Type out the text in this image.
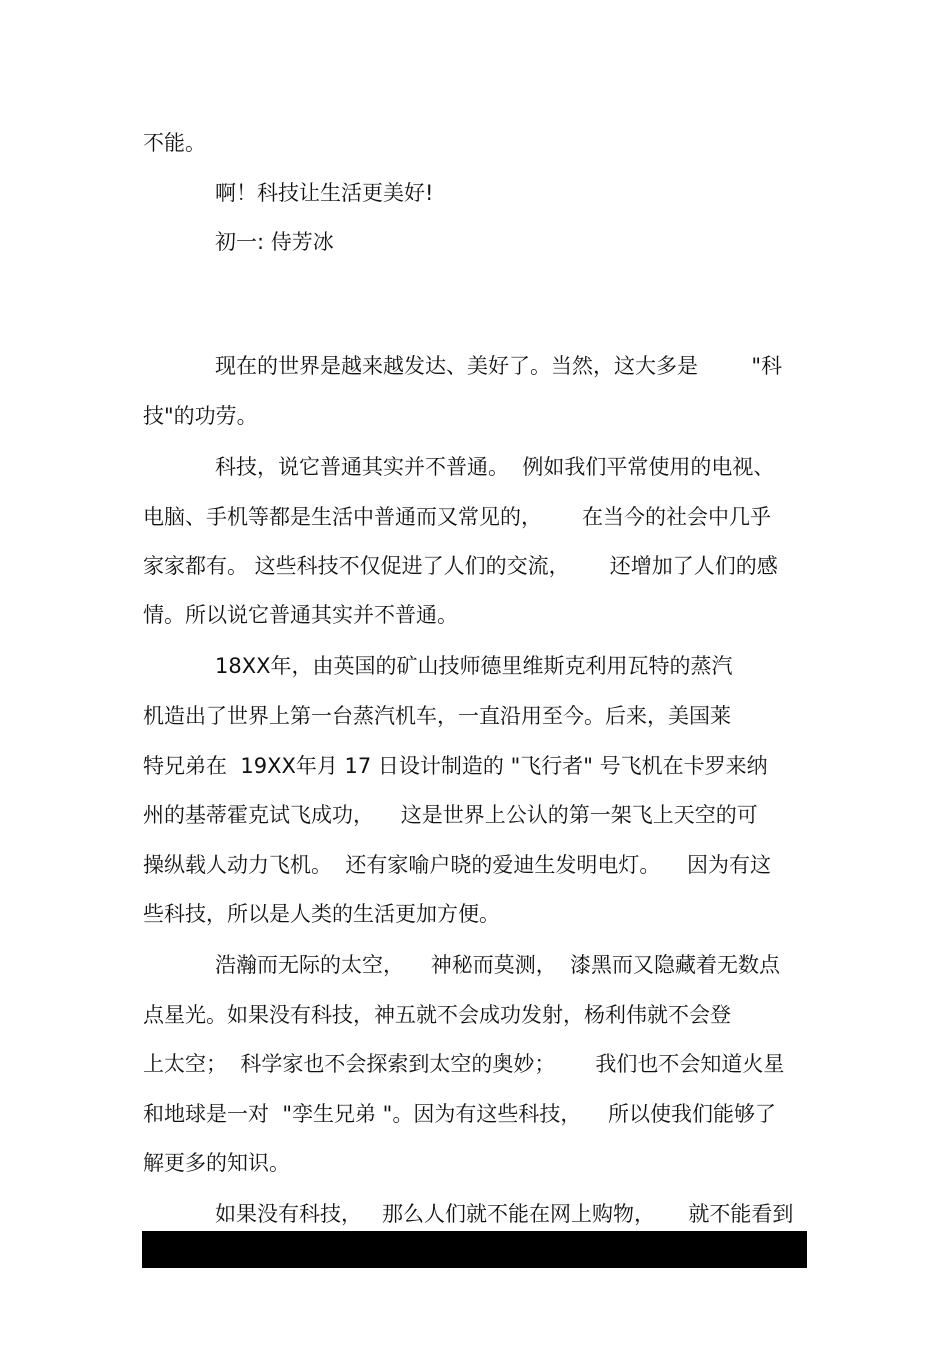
不能。

啊！科技让生活更美好!

初一: 侍芳冰

现在的世界是越来越发达、美好了。当然，这大多是        "科

技"的功劳。

科技，说它普通其实并不普通。  例如我们平常使用的电视、

电脑、手机等都是生活中普通而又常见的，      在当今的社会中几乎

家家都有。 这些科技不仅促进了人们的交流，      还增加了人们的感

情。所以说它普通其实并不普通。

18XX年，由英国的矿山技师德里维斯克利用瓦特的蒸汽

机造出了世界上第一台蒸汽机车，一直沿用至今。后来，美国莱

特兄弟在  19XX年月 17 日设计制造的 "飞行者" 号飞机在卡罗来纳

州的基蒂霍克试飞成功，    这是世界上公认的第一架飞上天空的可

操纵载人动力飞机。  还有家喻户晓的爱迪生发明电灯。    因为有这

些科技，所以是人类的生活更加方便。

浩瀚而无际的太空，    神秘而莫测，  漆黑而又隐藏着无数点

点星光。如果没有科技，神五就不会成功发射，杨利伟就不会登

上太空；  科学家也不会探索到太空的奥妙；      我们也不会知道火星

和地球是一对  "孪生兄弟 "。因为有这些科技，    所以使我们能够了

解更多的知识。

如果没有科技，   那么人们就不能在网上购物，     就不能看到
